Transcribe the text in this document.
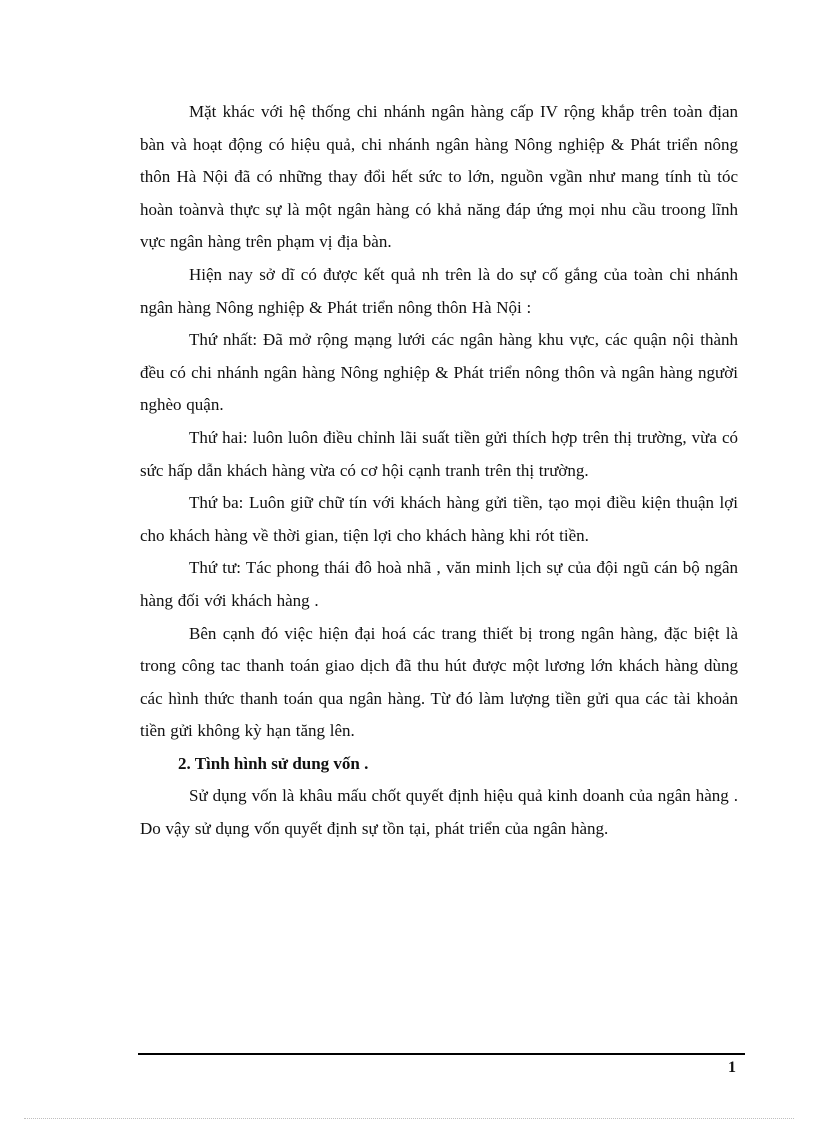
Mặt khác với hệ thống chi nhánh ngân hàng cấp IV rộng khắp trên toàn địan bàn và hoạt động có hiệu quả, chi nhánh ngân hàng Nông nghiệp & Phát triển nông thôn Hà Nội đã có những thay đổi hết sức to lớn, nguồn vgần như mang tính tù tóc hoàn toànvà thực sự là một ngân hàng có khả năng đáp ứng mọi nhu cầu troong lĩnh vực ngân hàng trên phạm vị địa bàn.

Hiện nay sở dĩ có được kết quả nh trên là do sự cố gắng của toàn chi nhánh ngân hàng Nông nghiệp & Phát triển nông thôn Hà Nội :

Thứ nhất: Đã mở rộng mạng lưới các ngân hàng khu vực, các quận nội thành đều có chi nhánh ngân hàng Nông nghiệp & Phát triển nông thôn và ngân hàng người nghèo quận.

Thứ hai: luôn luôn điều chỉnh lãi suất tiền gửi thích hợp trên thị trường, vừa có sức hấp dẫn khách hàng vừa có cơ hội cạnh tranh trên thị trường.

Thứ ba: Luôn giữ chữ tín với khách hàng gửi tiền, tạo mọi điều kiện thuận lợi cho khách hàng về thời gian, tiện lợi cho khách hàng khi rót tiền.

Thứ tư: Tác phong thái đô hoà nhã , văn minh lịch sự của đội ngũ cán bộ ngân hàng đối với khách hàng .

Bên cạnh đó việc hiện đại hoá các trang thiết bị trong ngân hàng, đặc biệt là trong công tac thanh toán giao dịch đã thu hút được một lương lớn khách hàng dùng các hình thức thanh toán qua ngân hàng. Từ đó làm lượng tiền gửi qua các tài khoản tiền gửi không kỳ hạn tăng lên.

2. Tình hình sử dung vốn .

Sử dụng vốn là khâu mấu chốt quyết định hiệu quả kinh doanh của ngân hàng . Do vậy sử dụng vốn quyết định sự tồn tại, phát triển của ngân hàng.

1
